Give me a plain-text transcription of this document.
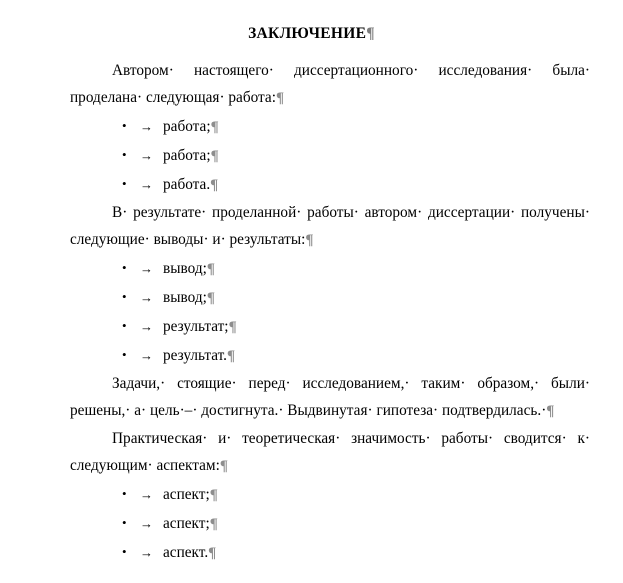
ЗАКЛЮЧЕНИЕ¶

Автором· настоящего· диссертационного· исследования· была· проделана· следующая· работа:¶

• → работа;¶
• → работа;¶
• → работа.¶

В· результате· проделанной· работы· автором· диссертации· получены· следующие· выводы· и· результаты:¶

• → вывод;¶
• → вывод;¶
• → результат;¶
• → результат.¶

Задачи,· стоящие· перед· исследованием,· таким· образом,· были· решены,· а· цель·–· достигнута.· Выдвинутая· гипотеза· подтвердилась.·¶

Практическая· и· теоретическая· значимость· работы· сводится· к· следующим· аспектам:¶

• → аспект;¶
• → аспект;¶
• → аспект.¶
